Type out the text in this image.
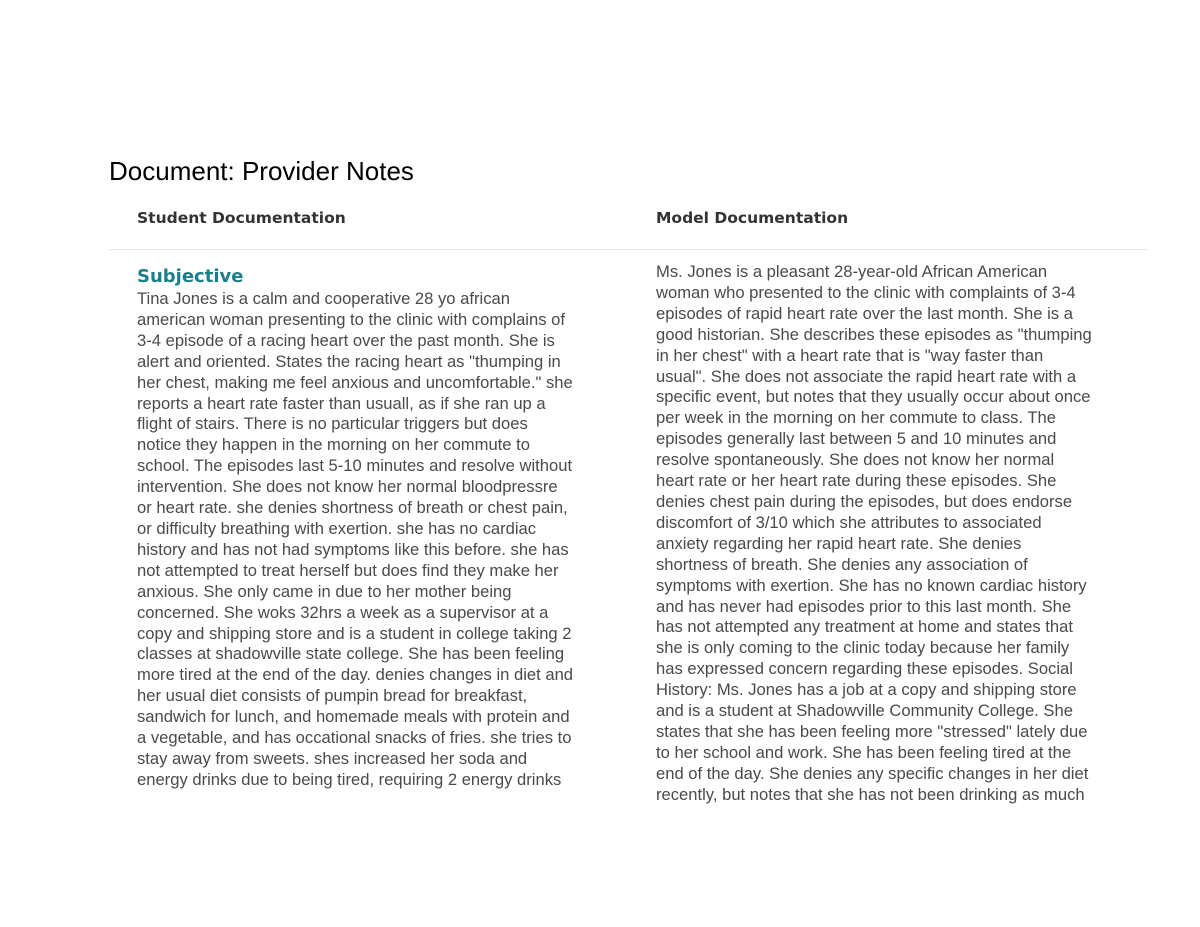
Document: Provider Notes
Student Documentation	Model Documentation
Subjective
Tina Jones is a calm and cooperative 28 yo african
american woman presenting to the clinic with complains of
3-4 episode of a racing heart over the past month. She is
alert and oriented. States the racing heart as "thumping in
her chest, making me feel anxious and uncomfortable." she
reports a heart rate faster than usuall, as if she ran up a
flight of stairs. There is no particular triggers but does
notice they happen in the morning on her commute to
school. The episodes last 5-10 minutes and resolve without
intervention. She does not know her normal bloodpressre
or heart rate. she denies shortness of breath or chest pain,
or difficulty breathing with exertion. she has no cardiac
history and has not had symptoms like this before. she has
not attempted to treat herself but does find they make her
anxious. She only came in due to her mother being
concerned. She woks 32hrs a week as a supervisor at a
copy and shipping store and is a student in college taking 2
classes at shadowville state college. She has been feeling
more tired at the end of the day. denies changes in diet and
her usual diet consists of pumpin bread for breakfast,
sandwich for lunch, and homemade meals with protein and
a vegetable, and has occational snacks of fries. she tries to
stay away from sweets. shes increased her soda and
energy drinks due to being tired, requiring 2 energy drinks
Ms. Jones is a pleasant 28-year-old African American
woman who presented to the clinic with complaints of 3-4
episodes of rapid heart rate over the last month. She is a
good historian. She describes these episodes as "thumping
in her chest" with a heart rate that is "way faster than
usual". She does not associate the rapid heart rate with a
specific event, but notes that they usually occur about once
per week in the morning on her commute to class. The
episodes generally last between 5 and 10 minutes and
resolve spontaneously. She does not know her normal
heart rate or her heart rate during these episodes. She
denies chest pain during the episodes, but does endorse
discomfort of 3/10 which she attributes to associated
anxiety regarding her rapid heart rate. She denies
shortness of breath. She denies any association of
symptoms with exertion. She has no known cardiac history
and has never had episodes prior to this last month. She
has not attempted any treatment at home and states that
she is only coming to the clinic today because her family
has expressed concern regarding these episodes. Social
History: Ms. Jones has a job at a copy and shipping store
and is a student at Shadowville Community College. She
states that she has been feeling more "stressed" lately due
to her school and work. She has been feeling tired at the
end of the day. She denies any specific changes in her diet
recently, but notes that she has not been drinking as much
